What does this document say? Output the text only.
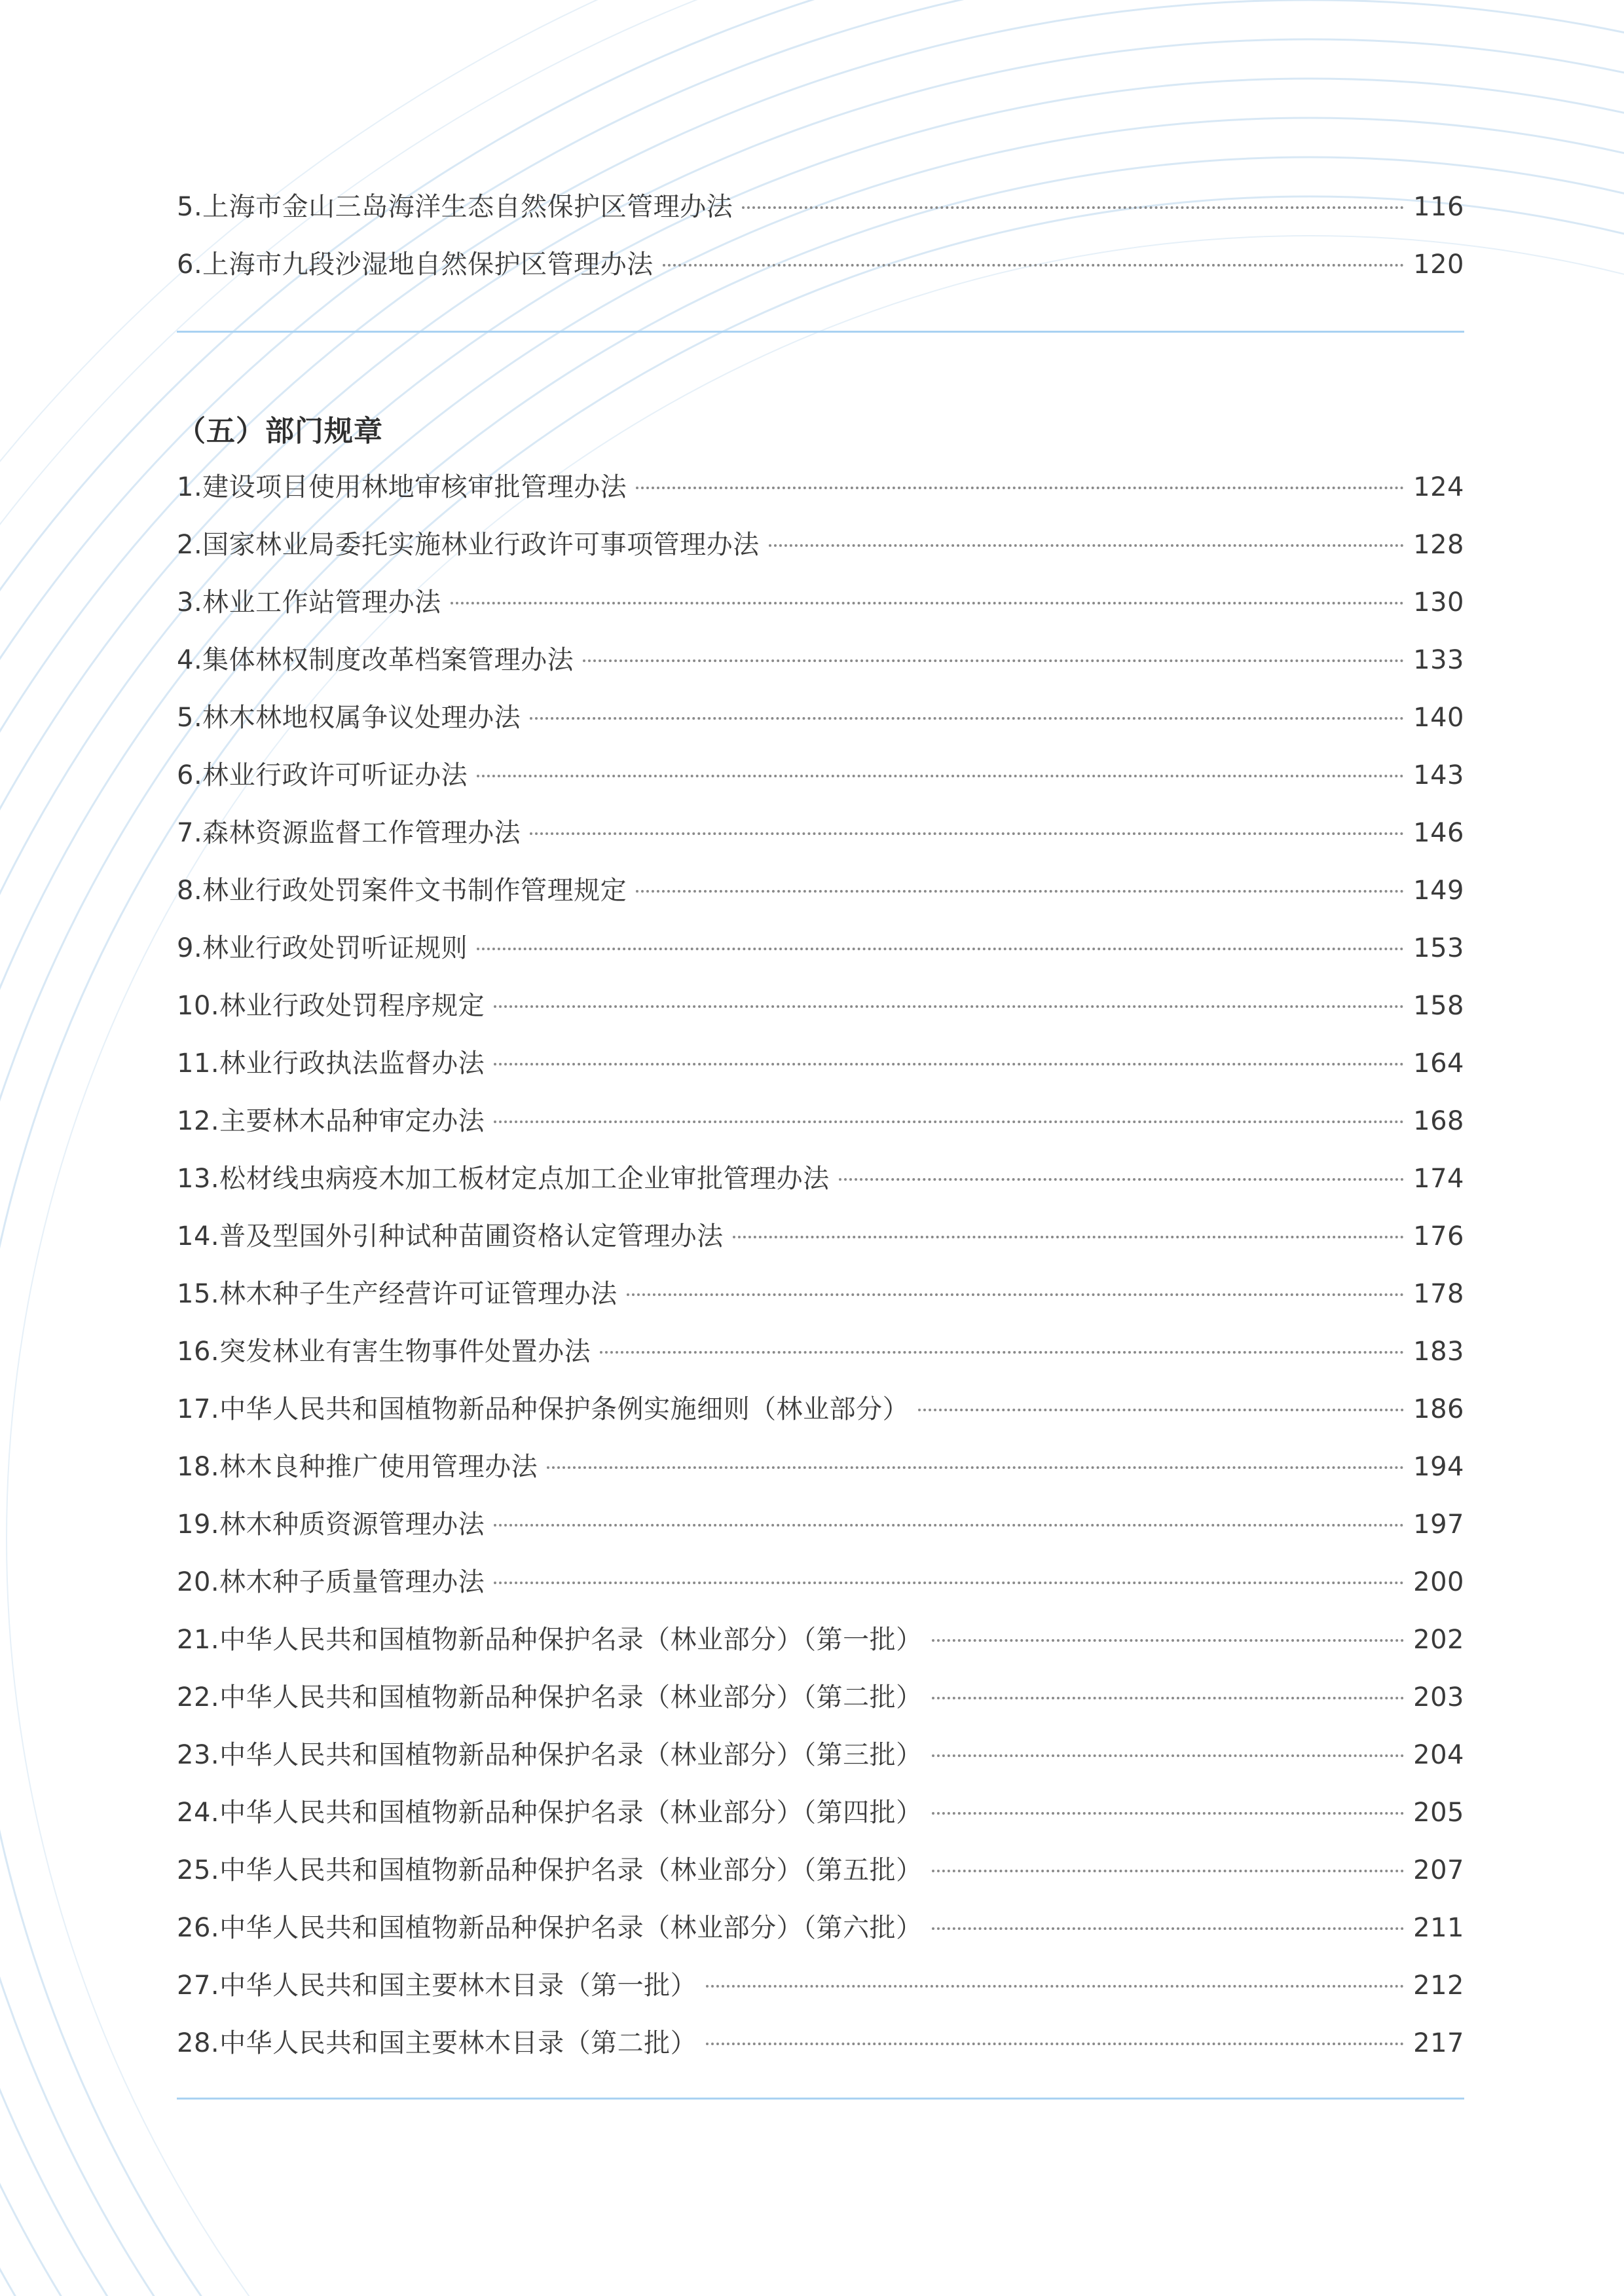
5.上海市金山三岛海洋生态自然保护区管理办法	116
6.上海市九段沙湿地自然保护区管理办法	120
（五）部门规章
1.建设项目使用林地审核审批管理办法	124
2.国家林业局委托实施林业行政许可事项管理办法	128
3.林业工作站管理办法	130
4.集体林权制度改革档案管理办法	133
5.林木林地权属争议处理办法	140
6.林业行政许可听证办法	143
7.森林资源监督工作管理办法	146
8.林业行政处罚案件文书制作管理规定	149
9.林业行政处罚听证规则	153
10.林业行政处罚程序规定	158
11.林业行政执法监督办法	164
12.主要林木品种审定办法	168
13.松材线虫病疫木加工板材定点加工企业审批管理办法	174
14.普及型国外引种试种苗圃资格认定管理办法	176
15.林木种子生产经营许可证管理办法	178
16.突发林业有害生物事件处置办法	183
17.中华人民共和国植物新品种保护条例实施细则（林业部分）	186
18.林木良种推广使用管理办法	194
19.林木种质资源管理办法	197
20.林木种子质量管理办法	200
21.中华人民共和国植物新品种保护名录（林业部分）（第一批）	202
22.中华人民共和国植物新品种保护名录（林业部分）（第二批）	203
23.中华人民共和国植物新品种保护名录（林业部分）（第三批）	204
24.中华人民共和国植物新品种保护名录（林业部分）（第四批）	205
25.中华人民共和国植物新品种保护名录（林业部分）（第五批）	207
26.中华人民共和国植物新品种保护名录（林业部分）（第六批）	211
27.中华人民共和国主要林木目录（第一批）	212
28.中华人民共和国主要林木目录（第二批）	217
